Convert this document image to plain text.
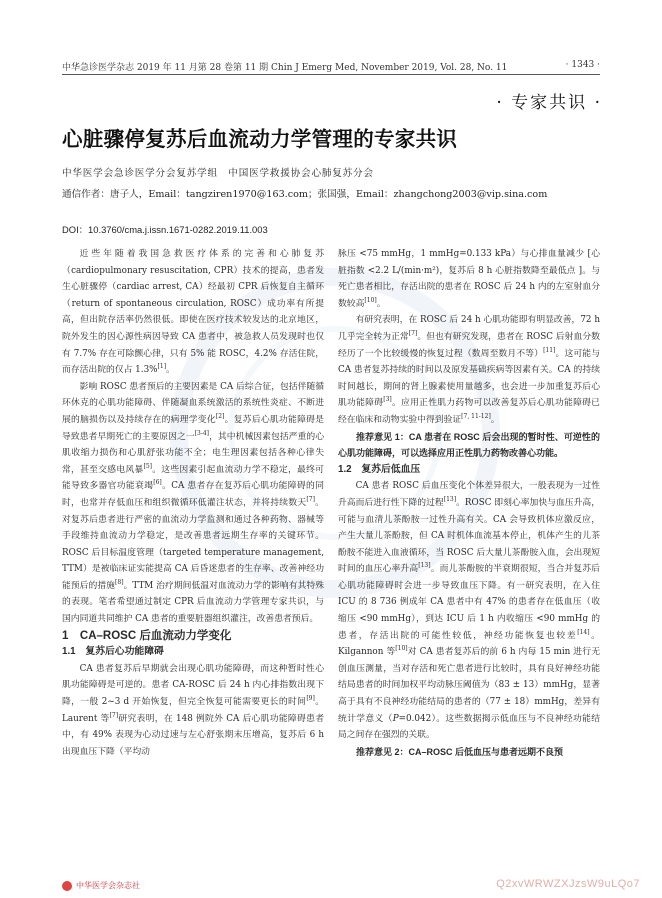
中华急诊医学杂志 2019 年 11 月第 28 卷第 11 期 Chin J Emerg Med, November 2019, Vol. 28, No. 11	· 1343 ·
· 专家共识 ·
心脏骤停复苏后血流动力学管理的专家共识
中华医学会急诊医学分会复苏学组　中国医学救援协会心肺复苏分会
通信作者：唐子人，Email：tangziren1970@163.com；张国强，Email：zhangchong2003@vip.sina.com
DOI：10.3760/cma.j.issn.1671-0282.2019.11.003

近些年随着我国急救医疗体系的完善和心肺复苏（cardiopulmonary resuscitation, CPR）技术的提高，患者发生心脏骤停（cardiac arrest, CA）经最初 CPR 后恢复自主循环（return of spontaneous circulation, ROSC）成功率有所提高，但出院存活率仍然很低。即使在医疗技术较发达的北京地区，院外发生的因心源性病因导致 CA 患者中，被急救人员发现时也仅有 7.7% 存在可除颤心律，只有 5% 能 ROSC，4.2% 存活住院，而存活出院的仅占 1.3%[1]。

影响 ROSC 患者预后的主要因素是 CA 后综合征，包括伴随循环休克的心肌功能障碍、伴随凝血系统激活的系统性炎症、不断进展的脑损伤以及持续存在的病理学变化[2]。复苏后心肌功能障碍是导致患者早期死亡的主要原因之一[3-4]，其中机械因素包括严重的心肌收缩力损伤和心肌舒张功能不全；电生理因素包括各种心律失常，甚至交感电风暴[5]。这些因素引起血流动力学不稳定，最终可能导致多器官功能衰竭[6]。CA 患者存在复苏后心肌功能障碍的同时，也常并存低血压和组织微循环低灌注状态，并将持续数天[7]。对复苏后患者进行严密的血流动力学监测和通过各种药物、器械等手段维持血流动力学稳定，是改善患者远期生存率的关键环节。ROSC 后目标温度管理（targeted temperature management, TTM）是被临床证实能提高 CA 后昏迷患者的生存率、改善神经功能预后的措施[8]。TTM 治疗期间低温对血流动力学的影响有其特殊的表现。笔者希望通过制定 CPR 后血流动力学管理专家共识，与国内同道共同维护 CA 患者的重要脏器组织灌注，改善患者预后。

1　CA–ROSC 后血流动力学变化

1.1　复苏后心功能障碍

CA 患者复苏后早期就会出现心肌功能障碍，而这种暂时性心肌功能障碍是可逆的。患者 CA-ROSC 后 24 h 内心排指数出现下降，一般 2~3 d 开始恢复，但完全恢复可能需要更长的时间[9]。Laurent 等[7]研究表明，在 148 例院外 CA 后心肌功能障碍患者中，有 49% 表现为心动过速与左心舒张期末压增高，复苏后 6 h 出现血压下降（平均动

脉压 <75 mmHg，1 mmHg=0.133 kPa）与心排血量减少 [心脏指数 <2.2 L/(min·m²)，复苏后 8 h 心脏指数降至最低点 ]。与死亡患者相比，存活出院的患者在 ROSC 后 24 h 内的左室射血分数较高[10]。

有研究表明，在 ROSC 后 24 h 心肌功能即有明显改善，72 h 几乎完全转为正常[7]。但也有研究发现，患者在 ROSC 后射血分数经历了一个比较缓慢的恢复过程（数周至数月不等）[11]。这可能与 CA 患者复苏持续的时间以及原发基础疾病等因素有关。CA 的持续时间越长，期间的肾上腺素使用量越多，也会进一步加重复苏后心肌功能障碍[3]。应用正性肌力药物可以改善复苏后心肌功能障碍已经在临床和动物实验中得到验证[7, 11-12]。

推荐意见 1：CA 患者在 ROSC 后会出现的暂时性、可逆性的心肌功能障碍，可以选择应用正性肌力药物改善心功能。

1.2　复苏后低血压

CA 患者 ROSC 后血压变化个体差异很大，一般表现为一过性升高而后进行性下降的过程[13]。ROSC 即刻心率加快与血压升高，可能与血清儿茶酚胺一过性升高有关。CA 会导致机体应激反应，产生大量儿茶酚胺，但 CA 时机体血流基本停止，机体产生的儿茶酚胺不能进入血液循环，当 ROSC 后大量儿茶酚胺入血，会出现短时间的血压心率升高[13]。而儿茶酚胺的半衰期很短，当合并复苏后心肌功能障碍时会进一步导致血压下降。有一研究表明，在入住 ICU 的 8 736 例成年 CA 患者中有 47% 的患者存在低血压（收缩压 <90 mmHg），到达 ICU 后 1 h 内收缩压 <90 mmHg 的患者，存活出院的可能性较低，神经功能恢复也较差[14]。Kilgannon 等[10]对 CA 患者复苏后的前 6 h 内每 15 min 进行无创血压测量，当对存活和死亡患者进行比较时，具有良好神经功能结局患者的时间加权平均动脉压阈值为（83 ± 13）mmHg，显著高于具有不良神经功能结局的患者的（77 ± 18）mmHg，差异有统计学意义（P=0.042）。这些数据揭示低血压与不良神经功能结局之间存在强烈的关联。

推荐意见 2：CA–ROSC 后低血压与患者远期不良预

中华医学会杂志社	Q2xvWRWZXJzsW9uLQo7
